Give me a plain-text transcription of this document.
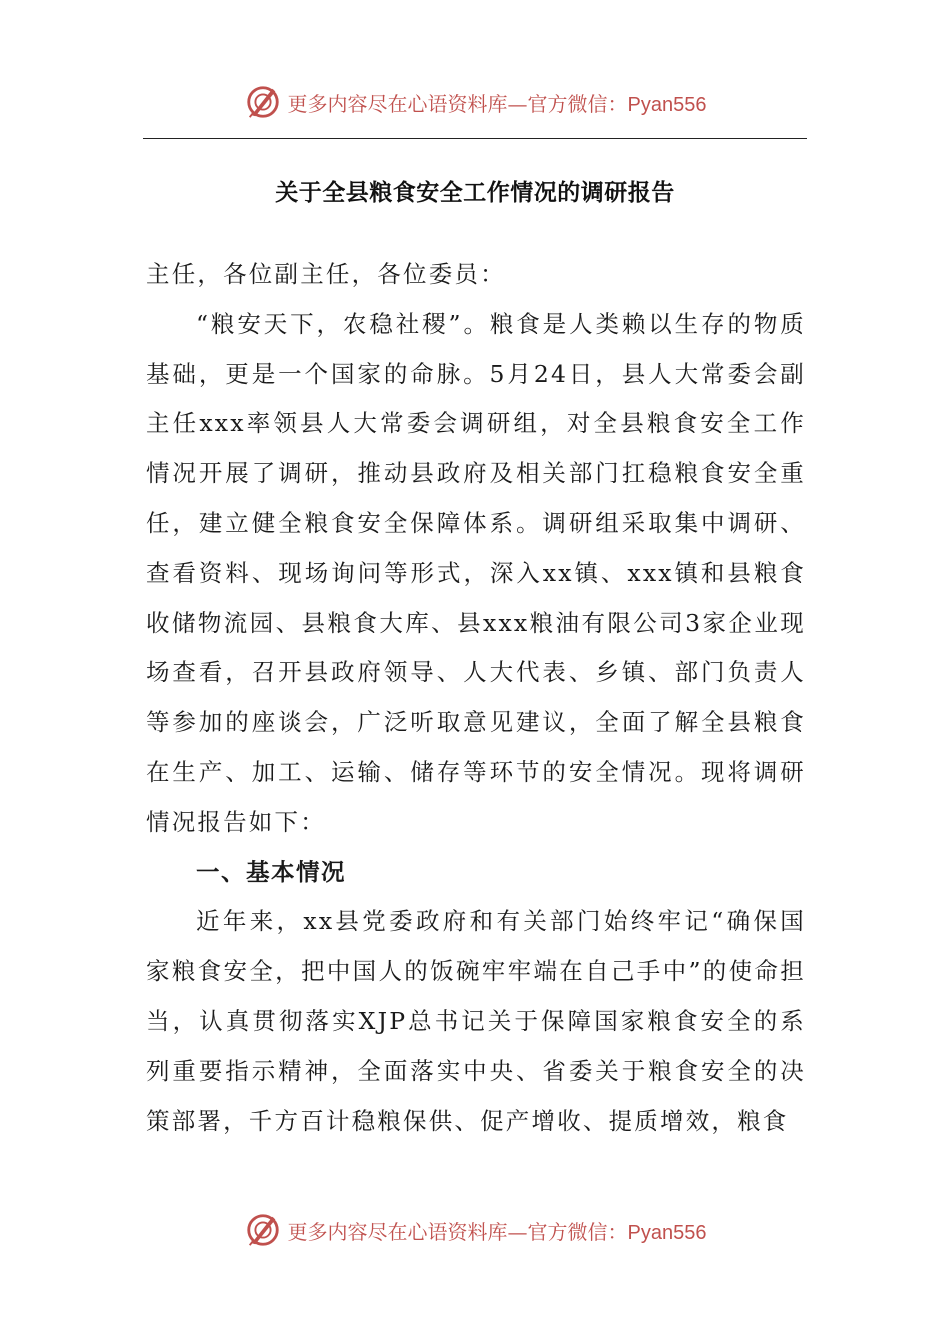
更多内容尽在心语资料库—官方微信：Pyan556
关于全县粮食安全工作情况的调研报告

主任，各位副主任，各位委员：

“粮安天下，农稳社稷”。粮食是人类赖以生存的物质基础，更是一个国家的命脉。5月24日，县人大常委会副主任xxx率领县人大常委会调研组，对全县粮食安全工作情况开展了调研，推动县政府及相关部门扛稳粮食安全重任，建立健全粮食安全保障体系。调研组采取集中调研、查看资料、现场询问等形式，深入xx镇、xxx镇和县粮食收储物流园、县粮食大库、县xxx粮油有限公司3家企业现场查看，召开县政府领导、人大代表、乡镇、部门负责人等参加的座谈会，广泛听取意见建议，全面了解全县粮食在生产、加工、运输、储存等环节的安全情况。现将调研情况报告如下：

一、基本情况

近年来，xx县党委政府和有关部门始终牢记“确保国家粮食安全，把中国人的饭碗牢牢端在自己手中”的使命担当，认真贯彻落实XJP总书记关于保障国家粮食安全的系列重要指示精神，全面落实中央、省委关于粮食安全的决策部署，千方百计稳粮保供、促产增收、提质增效，粮食

更多内容尽在心语资料库—官方微信：Pyan556
